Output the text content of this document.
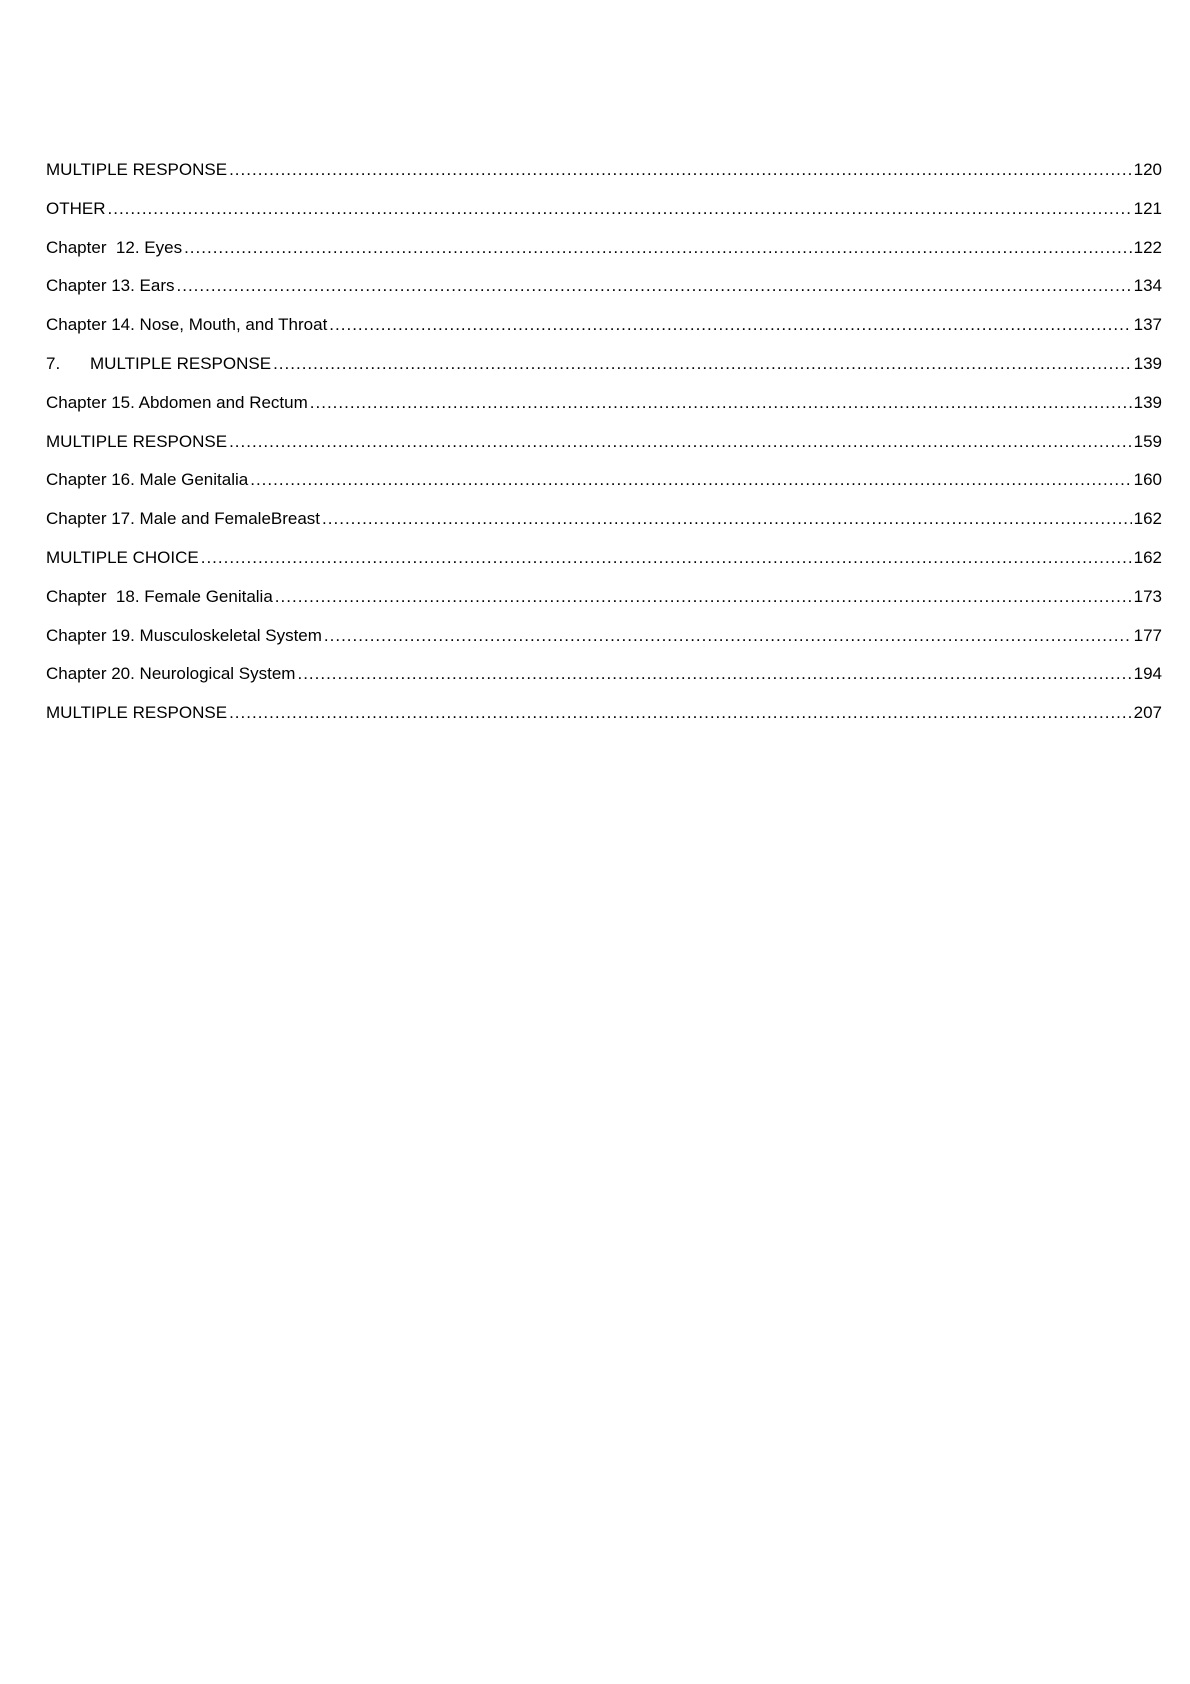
MULTIPLE RESPONSE .....	120
OTHER .....	121
Chapter  12. Eyes .....	122
Chapter 13. Ears .....	134
Chapter 14. Nose, Mouth, and Throat .....	137
7. MULTIPLE RESPONSE .....	139
Chapter 15. Abdomen and Rectum .....	139
MULTIPLE RESPONSE .....	159
Chapter 16. Male Genitalia .....	160
Chapter 17. Male and FemaleBreast .....	162
MULTIPLE CHOICE .....	162
Chapter  18. Female Genitalia .....	173
Chapter 19. Musculoskeletal System .....	177
Chapter 20. Neurological System .....	194
MULTIPLE RESPONSE .....	207
